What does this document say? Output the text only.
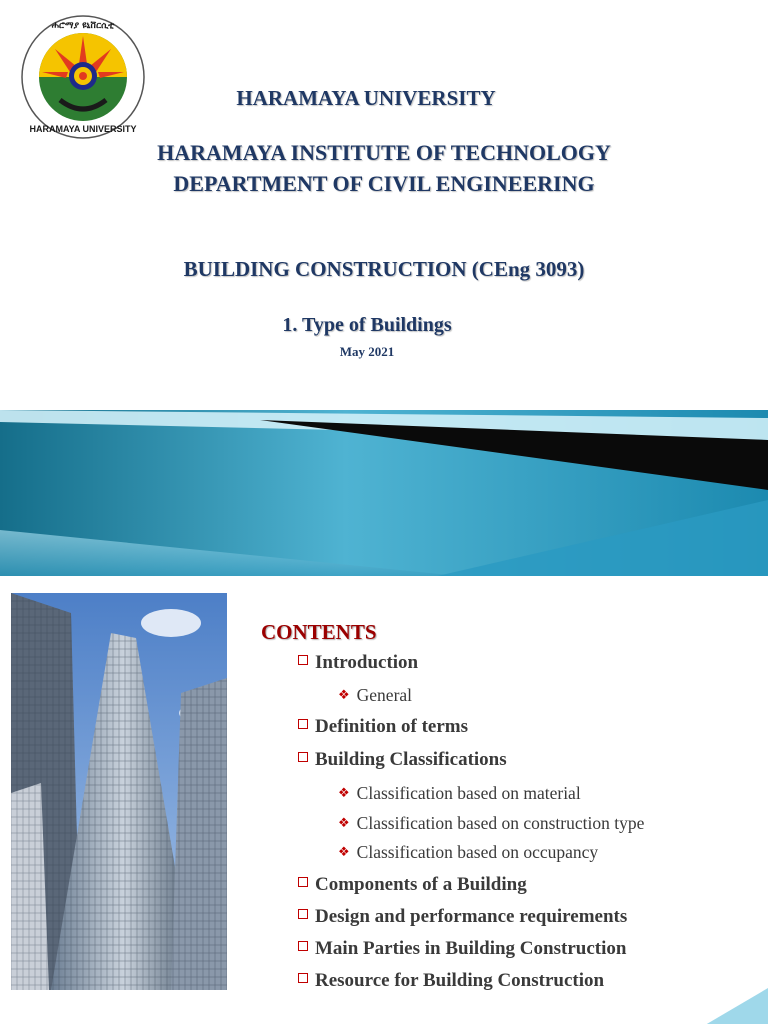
HARAMAYA UNIVERSITY
ሐሮማያ ዩኒቨርሲቲ
HARAMAYA UNIVERSITY
HARAMAYA INSTITUTE OF TECHNOLOGY
DEPARTMENT OF CIVIL ENGINEERING
BUILDING CONSTRUCTION (CEng 3093)
1. Type of Buildings
May 2021
CONTENTS
Introduction
❖ General
Definition of terms
Building Classifications
❖ Classification based on material
❖ Classification based on construction type
❖ Classification based on occupancy
Components of a Building
Design and performance requirements
Main Parties in Building Construction
Resource for Building Construction
